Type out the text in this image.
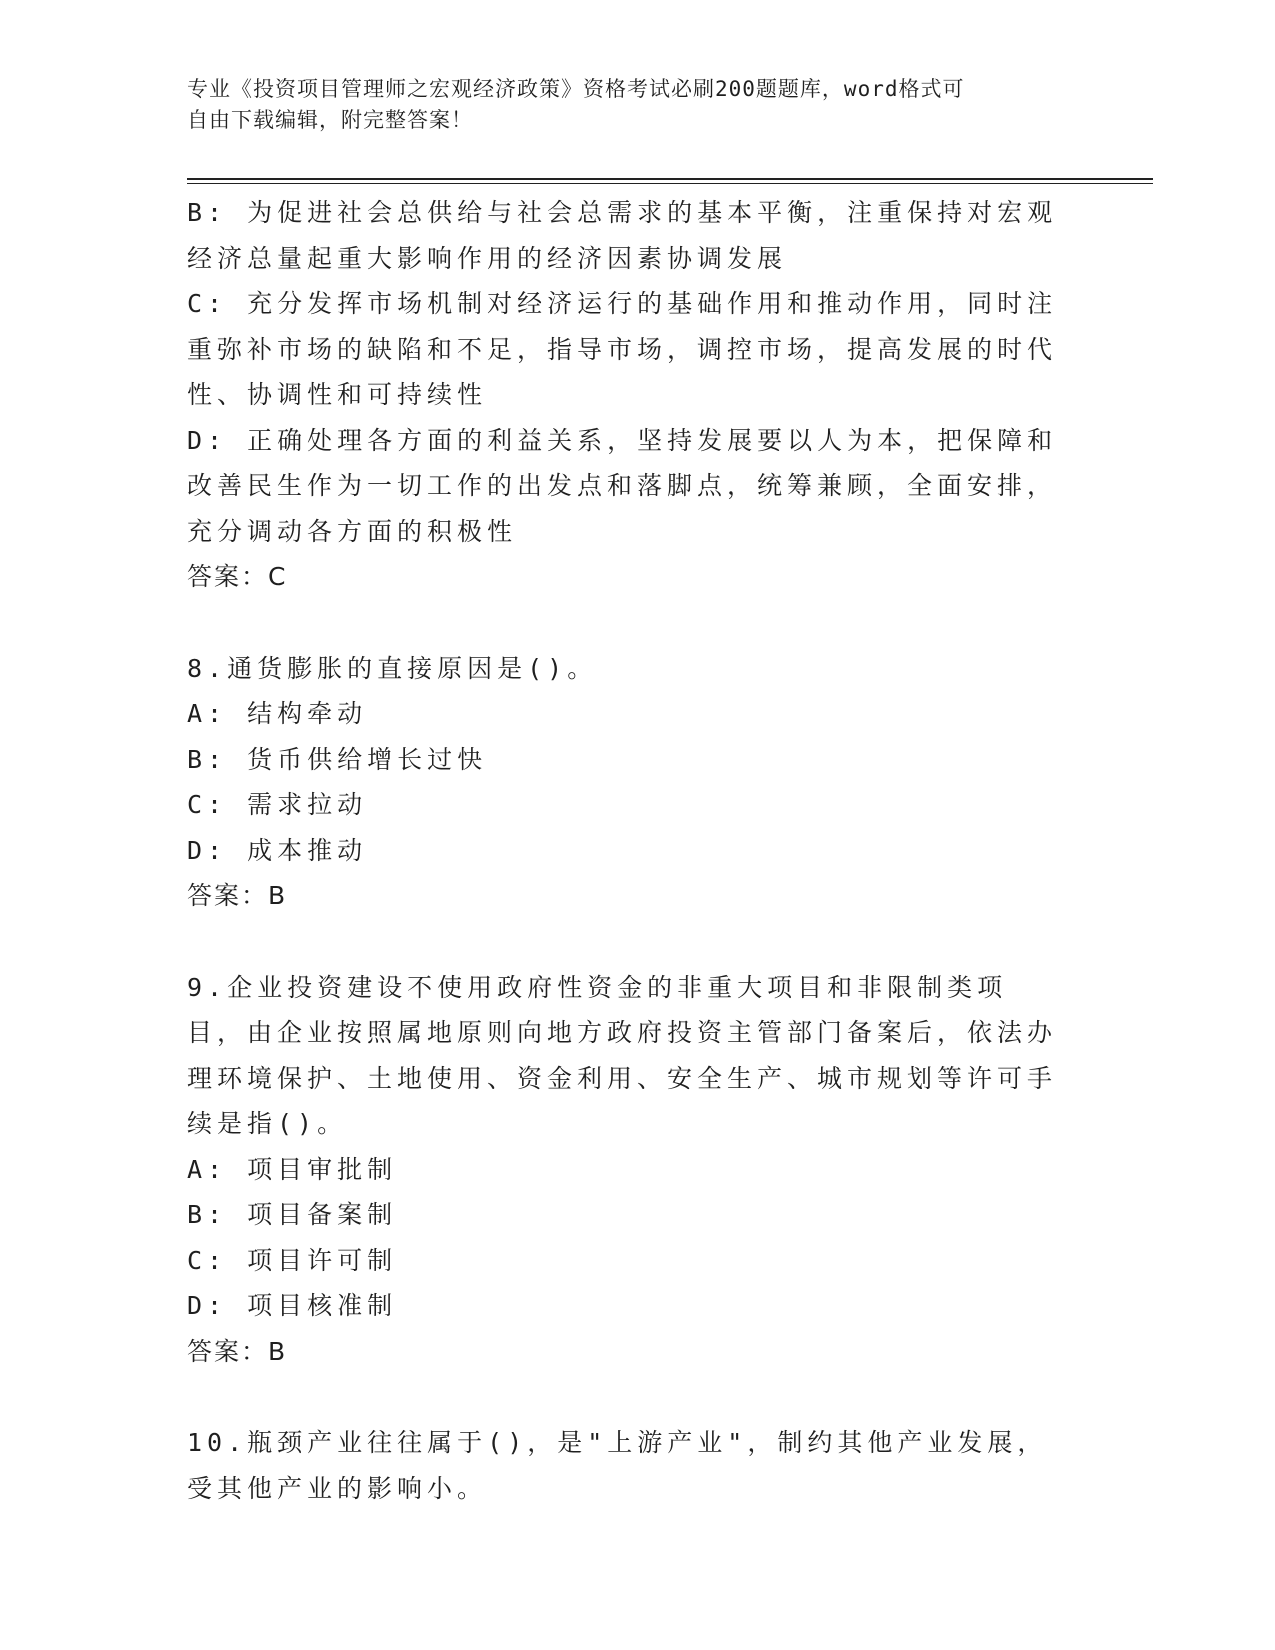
专业《投资项目管理师之宏观经济政策》资格考试必刷200题题库，word格式可
自由下载编辑，附完整答案！

B: 为促进社会总供给与社会总需求的基本平衡，注重保持对宏观经济总量起重大影响作用的经济因素协调发展

C: 充分发挥市场机制对经济运行的基础作用和推动作用，同时注重弥补市场的缺陷和不足，指导市场，调控市场，提高发展的时代性、协调性和可持续性

D: 正确处理各方面的利益关系，坚持发展要以人为本，把保障和改善民生作为一切工作的出发点和落脚点，统筹兼顾，全面安排，充分调动各方面的积极性

答案：C

8.通货膨胀的直接原因是()。

A: 结构牵动

B: 货币供给增长过快

C: 需求拉动

D: 成本推动

答案：B

9.企业投资建设不使用政府性资金的非重大项目和非限制类项目，由企业按照属地原则向地方政府投资主管部门备案后，依法办理环境保护、土地使用、资金利用、安全生产、城市规划等许可手续是指()。

A: 项目审批制

B: 项目备案制

C: 项目许可制

D: 项目核准制

答案：B

10.瓶颈产业往往属于()，是"上游产业"，制约其他产业发展，受其他产业的影响小。
